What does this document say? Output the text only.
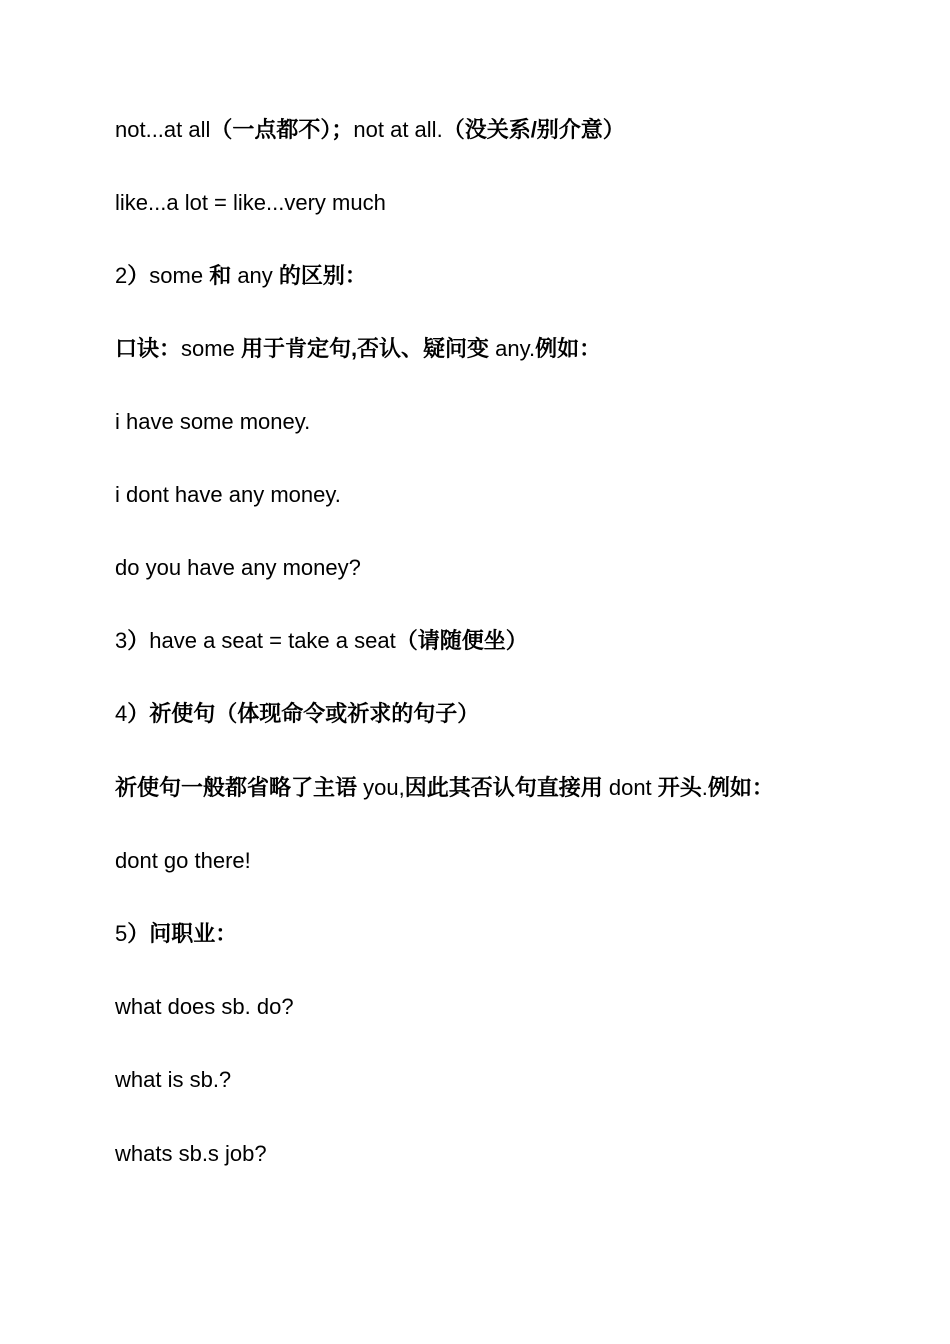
not...at all（一点都不）；not at all.（没关系/别介意）
like...a lot = like...very much
2）some 和 any 的区别：
口诀：some 用于肯定句,否认、疑问变 any.例如：
i have some money.
i dont have any money.
do you have any money?
3）have a seat = take a seat（请随便坐）
4）祈使句（体现命令或祈求的句子）
祈使句一般都省略了主语 you,因此其否认句直接用 dont 开头.例如：
dont go there!
5）问职业：
what does sb. do?
what is sb.?
whats sb.s job?
